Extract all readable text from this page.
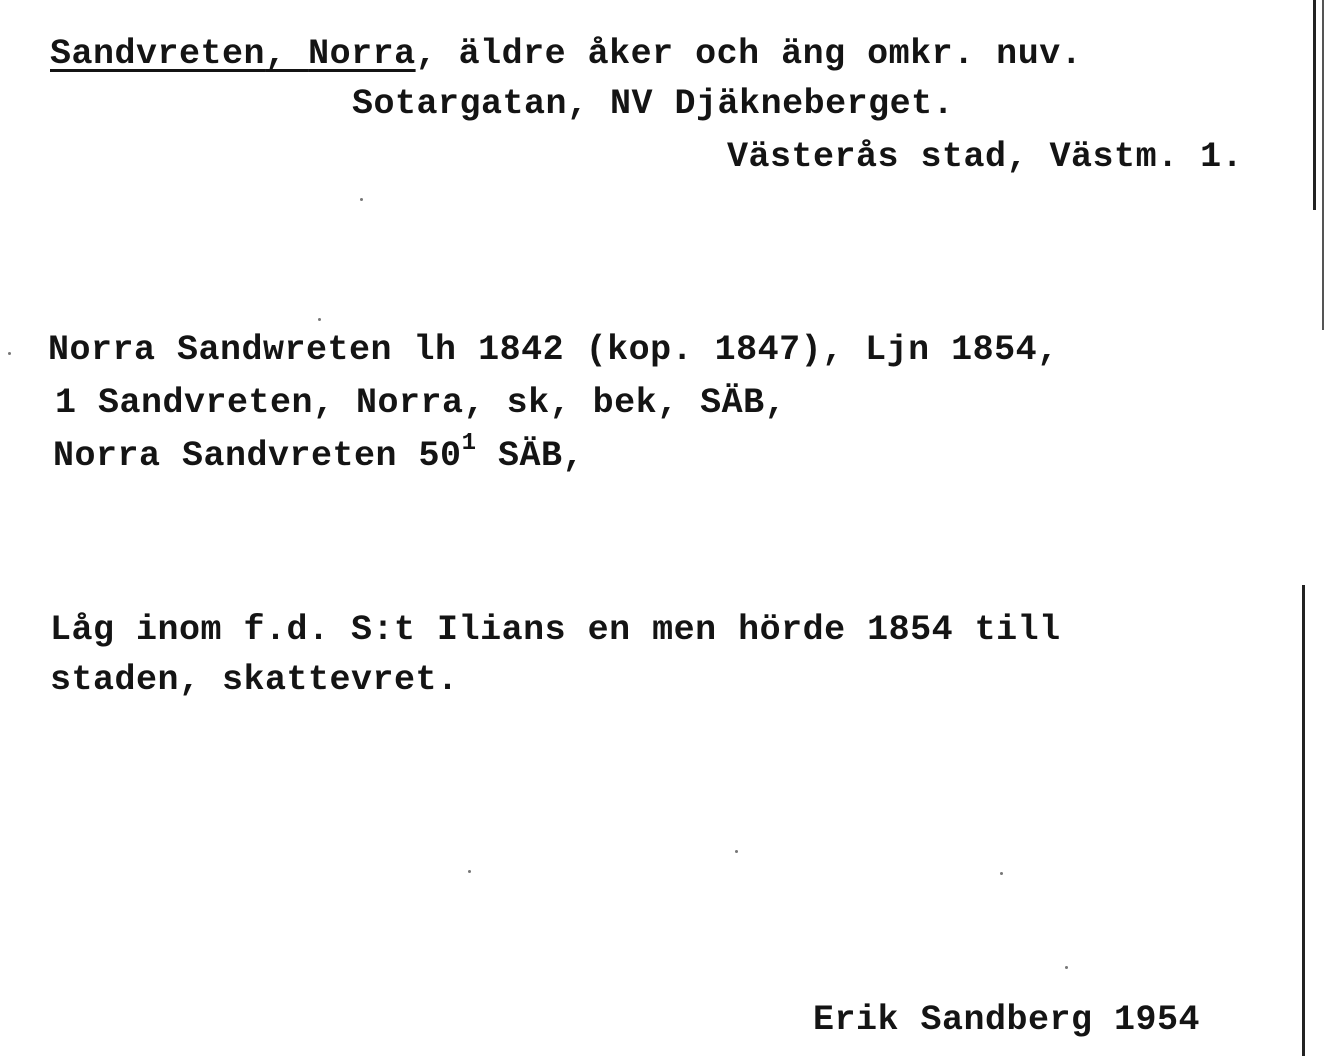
Sandvreten, Norra, äldre åker och äng omkr. nuv.
Sotargatan, NV Djäkneberget.
Västerås stad, Västm. 1.
Norra Sandwreten lh 1842 (kop. 1847), Ljn 1854,
1 Sandvreten, Norra, sk, bek, SÄB,
Norra Sandvreten $50^1$ SÄB,
Låg inom f.d. S:t Ilians en men hörde 1854 till
staden, skattevret.
Erik Sandberg 1954
